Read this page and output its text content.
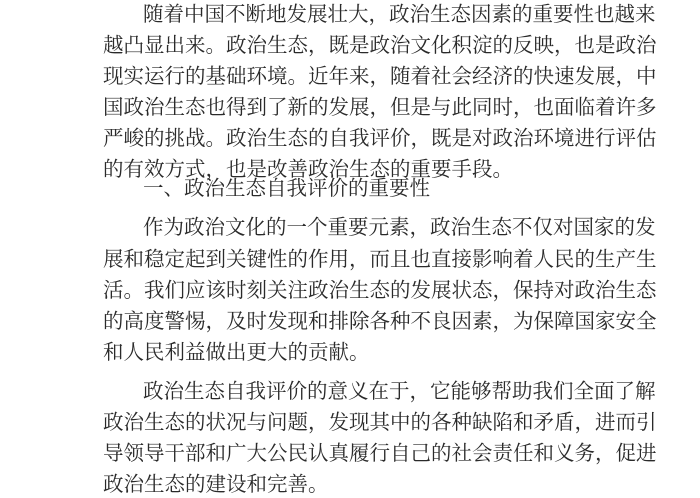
随着中国不断地发展壮大，政治生态因素的重要性也越来
越凸显出来。政治生态，既是政治文化积淀的反映，也是政治
现实运行的基础环境。近年来，随着社会经济的快速发展，中
国政治生态也得到了新的发展，但是与此同时，也面临着许多
严峻的挑战。政治生态的自我评价，既是对政治环境进行评估
的有效方式，也是改善政治生态的重要手段。
一、政治生态自我评价的重要性
作为政治文化的一个重要元素，政治生态不仅对国家的发
展和稳定起到关键性的作用，而且也直接影响着人民的生产生
活。我们应该时刻关注政治生态的发展状态，保持对政治生态
的高度警惕，及时发现和排除各种不良因素，为保障国家安全
和人民利益做出更大的贡献。
政治生态自我评价的意义在于，它能够帮助我们全面了解
政治生态的状况与问题，发现其中的各种缺陷和矛盾，进而引
导领导干部和广大公民认真履行自己的社会责任和义务，促进
政治生态的建设和完善。
